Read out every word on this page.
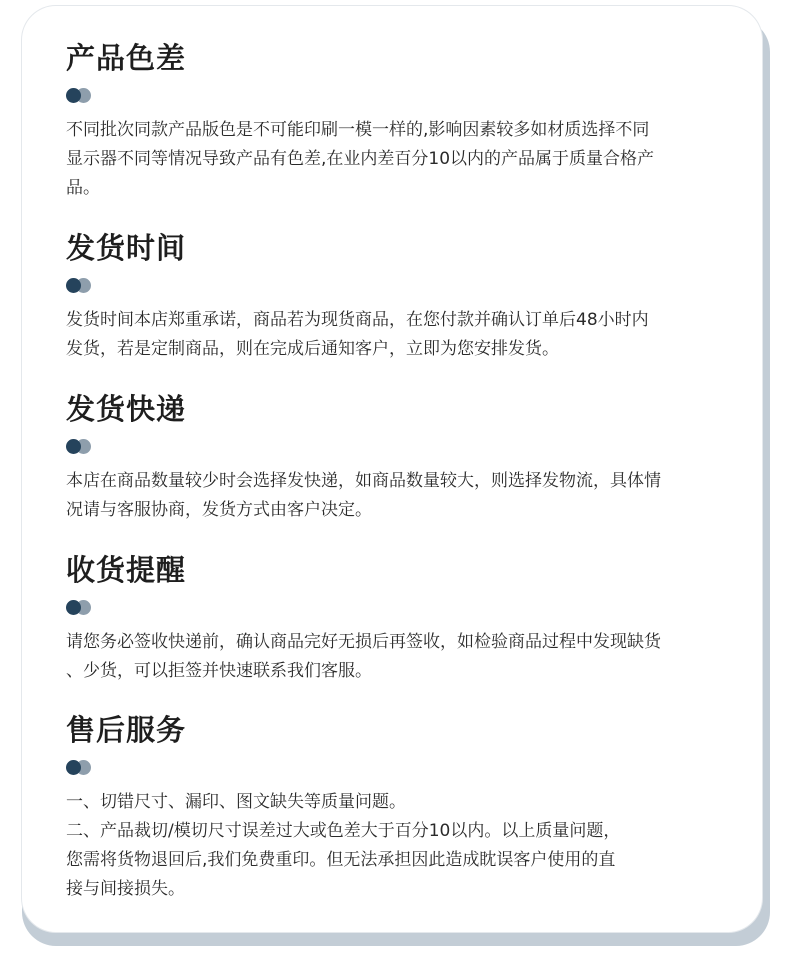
产品色差
不同批次同款产品版色是不可能印刷一模一样的,影响因素较多如材质选择不同
显示器不同等情况导致产品有色差,在业内差百分10以内的产品属于质量合格产
品。
发货时间
发货时间本店郑重承诺，商品若为现货商品，在您付款并确认订单后48小时内
发货，若是定制商品，则在完成后通知客户，立即为您安排发货。
发货快递
本店在商品数量较少时会选择发快递，如商品数量较大，则选择发物流，具体情
况请与客服协商，发货方式由客户决定。
收货提醒
请您务必签收快递前，确认商品完好无损后再签收，如检验商品过程中发现缺货
、少货，可以拒签并快速联系我们客服。
售后服务
一、切错尺寸、漏印、图文缺失等质量问题。
二、产品裁切/模切尺寸误差过大或色差大于百分10以内。以上质量问题，
您需将货物退回后,我们免费重印。但无法承担因此造成眈误客户使用的直
接与间接损失。
